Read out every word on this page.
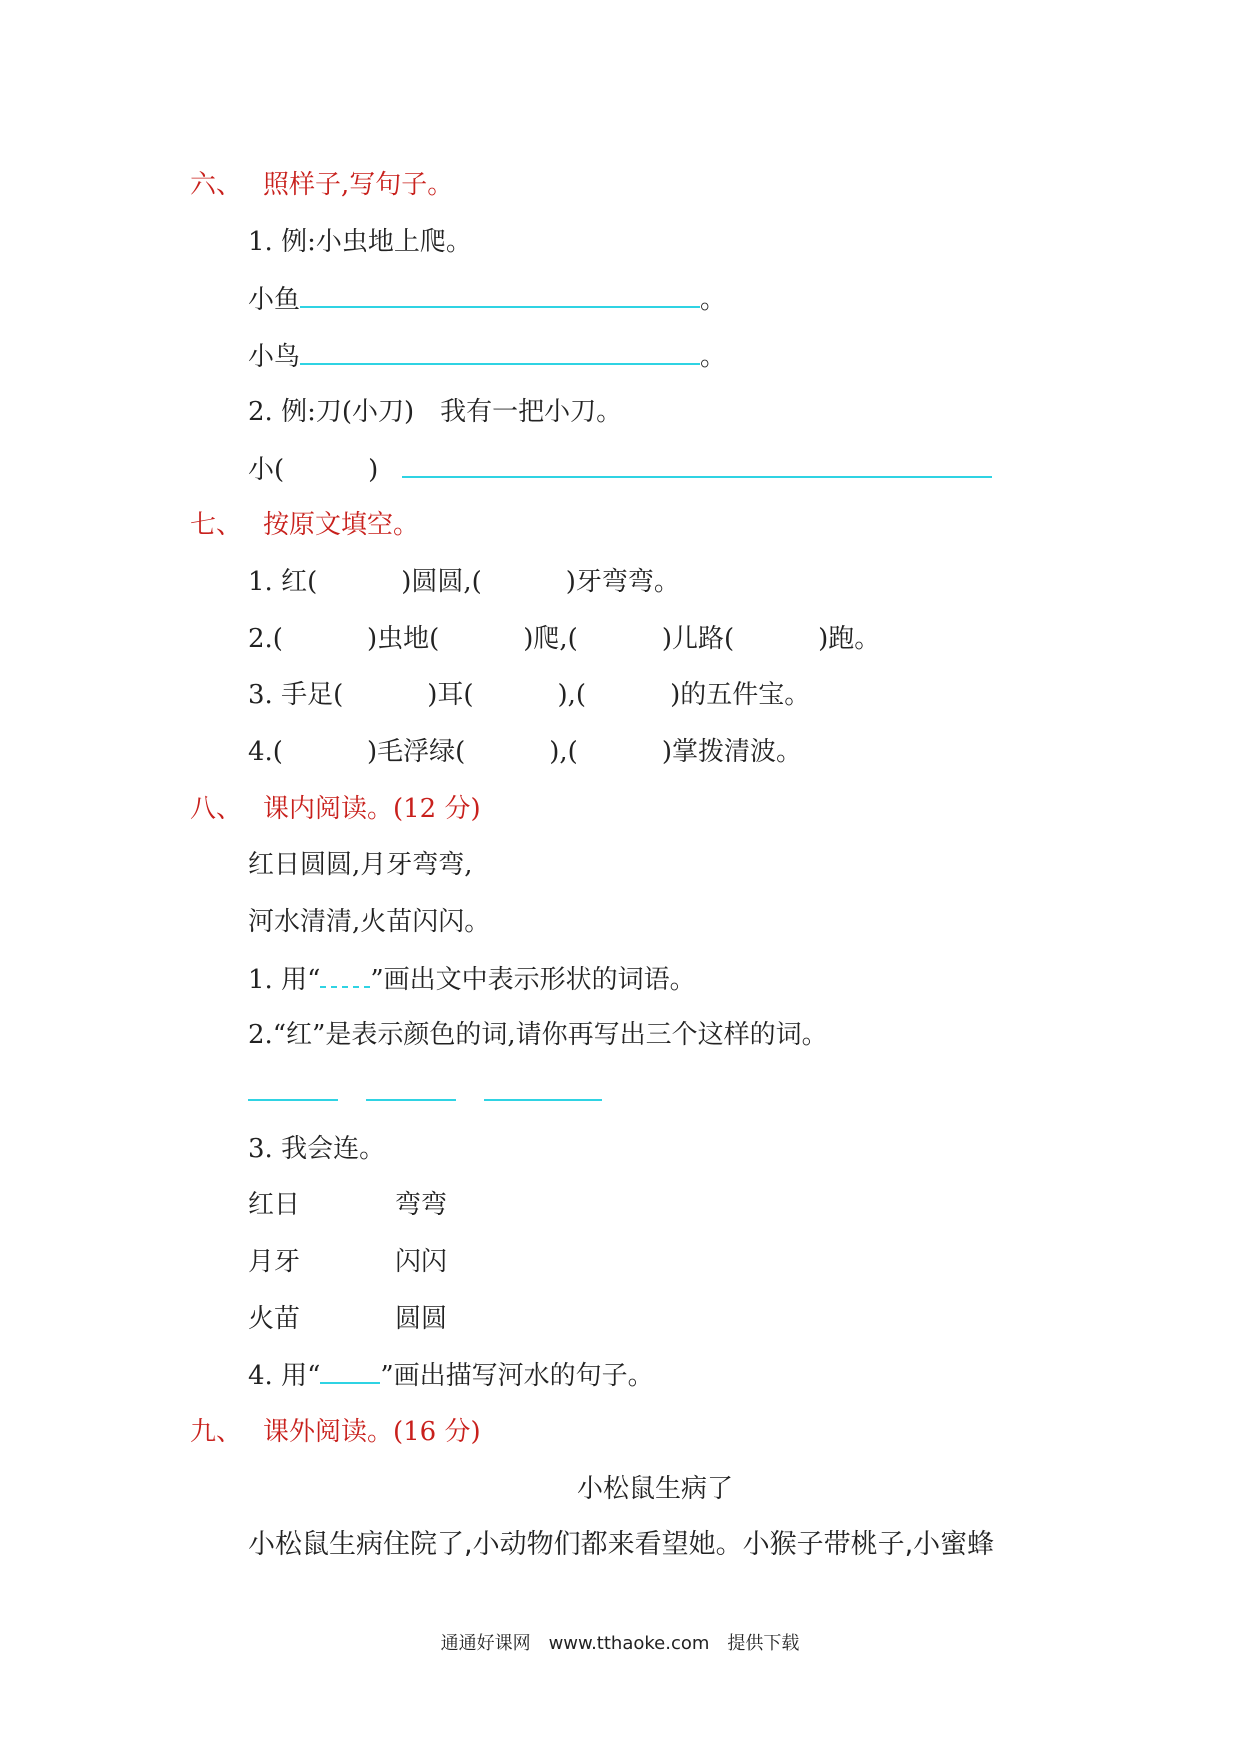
六、 照样子,写句子。
1. 例:小虫地上爬。
小鱼	。
小鸟	。
2. 例:刀(小刀)　我有一把小刀。
小(	)
七、 按原文填空。
1. 红(	)圆圆,(	)牙弯弯。
2.(	)虫地(	)爬,(	)儿路(	)跑。
3. 手足(	)耳(	),(	)的五件宝。
4.(	)毛浮绿(	),(	)掌拨清波。
八、 课内阅读。(12 分)
红日圆圆,月牙弯弯,
河水清清,火苗闪闪。
1. 用“ ”画出文中表示形状的词语。
2.“红”是表示颜色的词,请你再写出三个这样的词。
3. 我会连。
红日	弯弯
月牙	闪闪
火苗	圆圆
4. 用“ ”画出描写河水的句子。
九、 课外阅读。(16 分)
小松鼠生病了
小松鼠生病住院了,小动物们都来看望她。小猴子带桃子,小蜜蜂
通通好课网　www.tthaoke.com　提供下载
